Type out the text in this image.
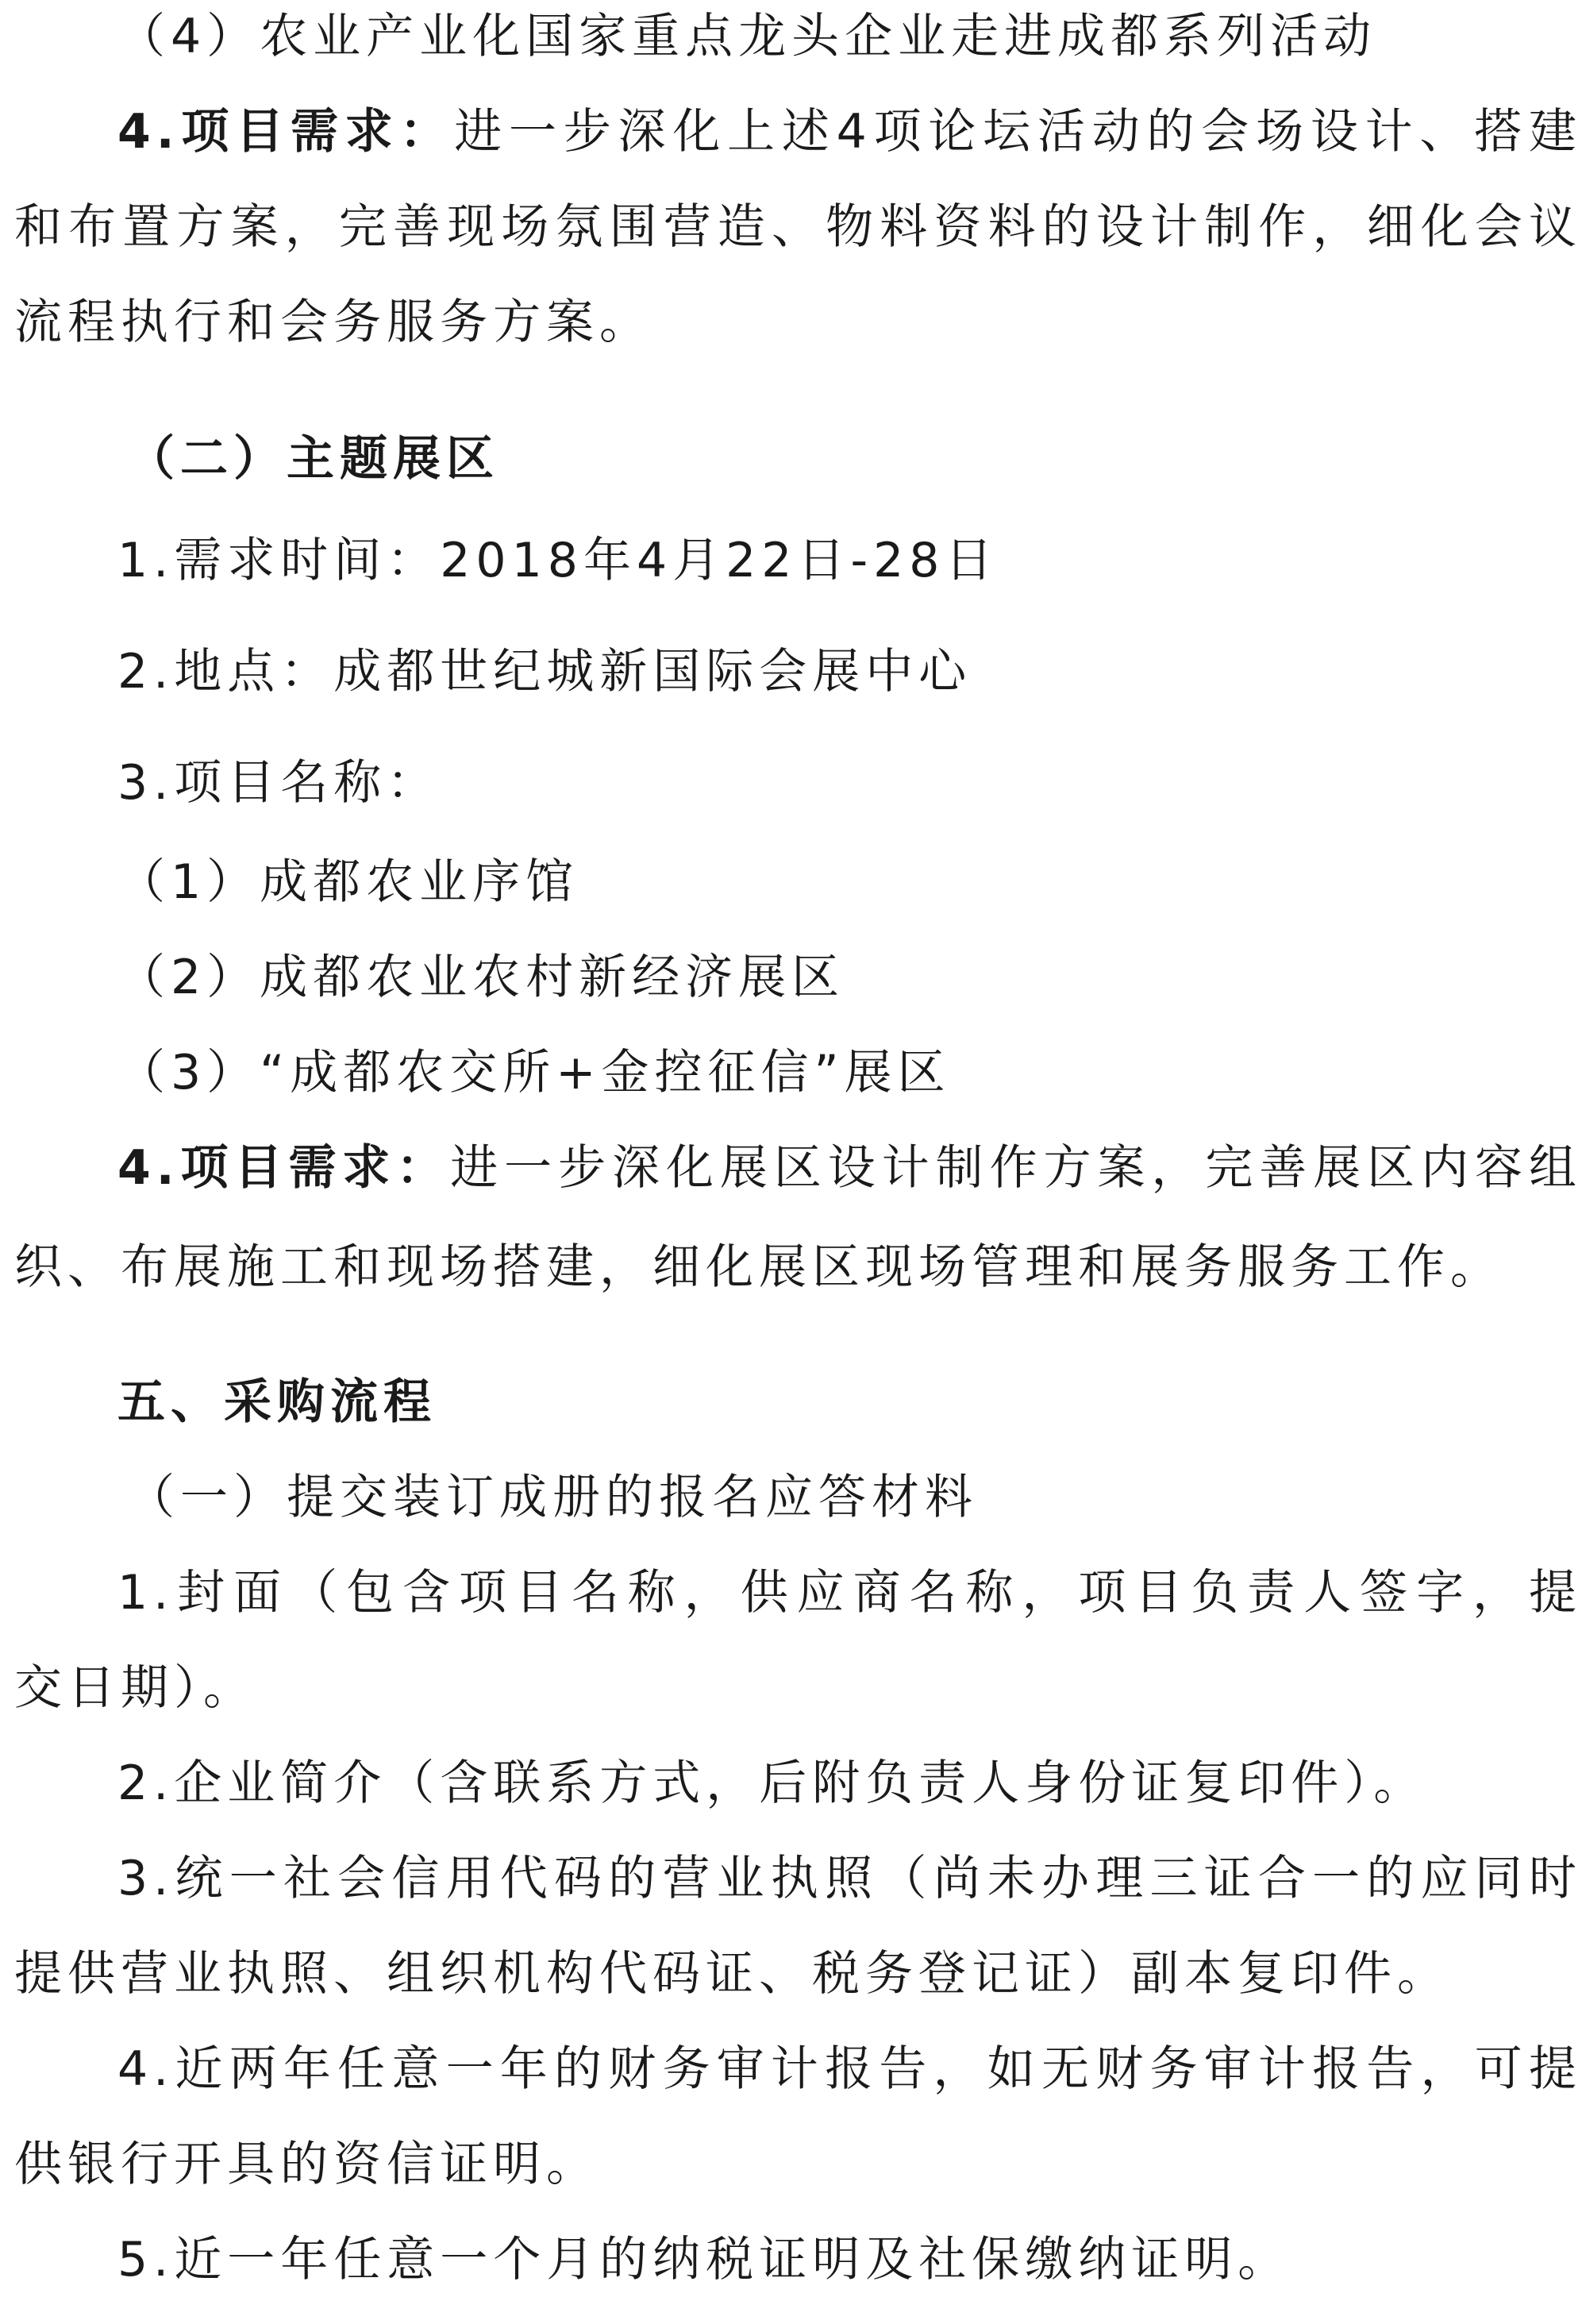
（4）农业产业化国家重点龙头企业走进成都系列活动
4.项目需求：进一步深化上述4项论坛活动的会场设计、搭建
和布置方案，完善现场氛围营造、物料资料的设计制作，细化会议
流程执行和会务服务方案。
（二）主题展区
1.需求时间：2018年4月22日-28日
2.地点：成都世纪城新国际会展中心
3.项目名称：
（1）成都农业序馆
（2）成都农业农村新经济展区
（3）“成都农交所+金控征信”展区
4.项目需求：进一步深化展区设计制作方案，完善展区内容组
织、布展施工和现场搭建，细化展区现场管理和展务服务工作。
五、采购流程
（一）提交装订成册的报名应答材料
1.封面（包含项目名称，供应商名称，项目负责人签字，提
交日期）。
2.企业简介（含联系方式，后附负责人身份证复印件）。
3.统一社会信用代码的营业执照（尚未办理三证合一的应同时
提供营业执照、组织机构代码证、税务登记证）副本复印件。
4.近两年任意一年的财务审计报告，如无财务审计报告，可提
供银行开具的资信证明。
5.近一年任意一个月的纳税证明及社保缴纳证明。
